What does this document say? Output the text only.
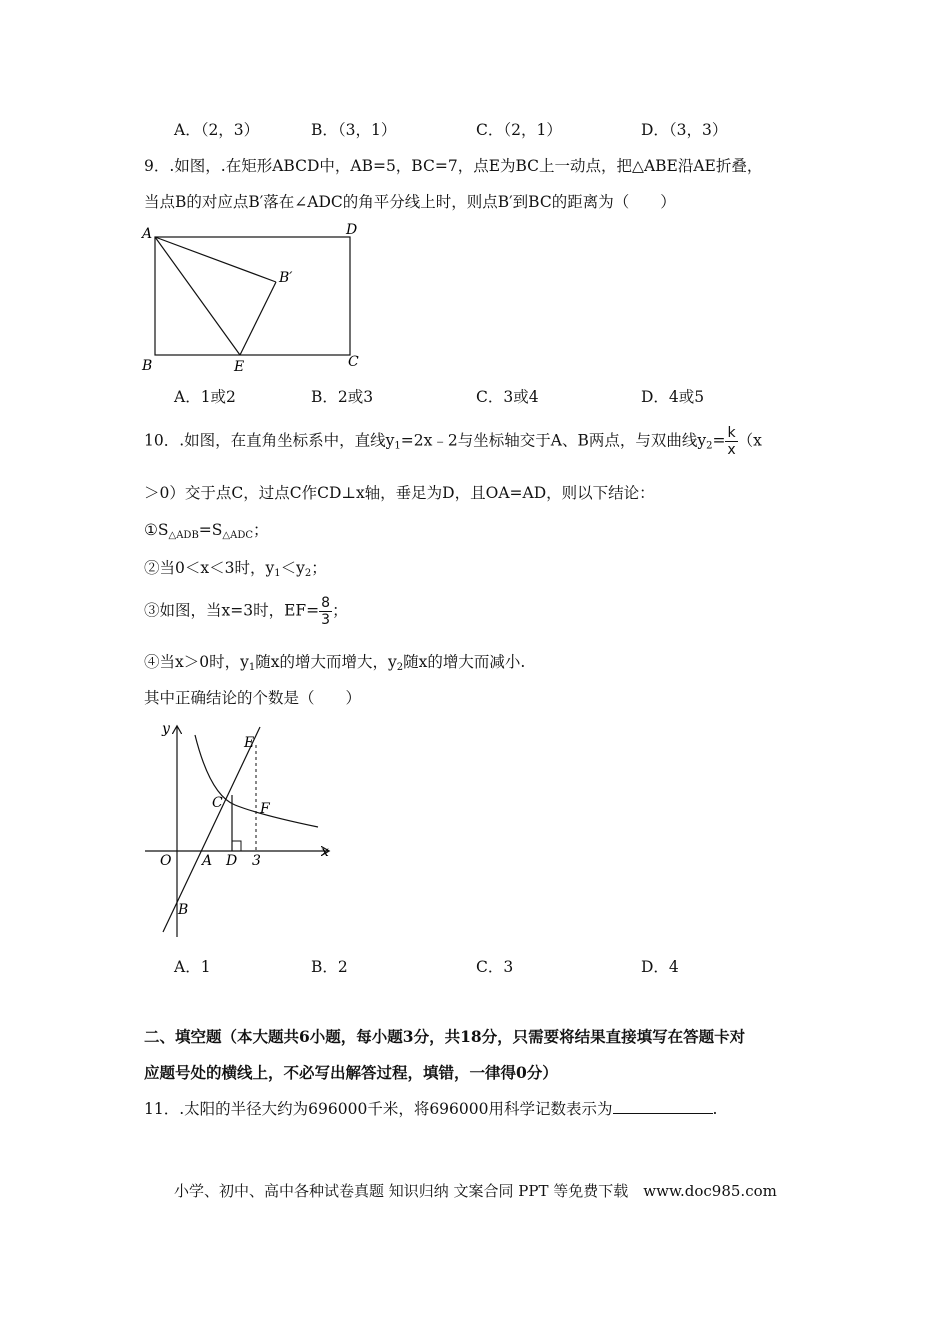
A．（2，3）	B．（3，1）	C．（2，1）	D．（3，3）
9．.如图，.在矩形ABCD中，AB=5，BC=7，点E为BC上一动点，把△ABE沿AE折叠，
当点B的对应点B′落在∠ADC的角平分线上时，则点B′到BC的距离为（　　）
A	D
B	C
E
B′
A．1或2	B．2或3	C．3或4	D．4或5
10．.如图，在直角坐标系中，直线$y_1=2x﹣2$与坐标轴交于A、B两点，与双曲线$y_2= \frac{k}{x} (x$
＞0）交于点C，过点C作CD⊥x轴，垂足为D，且OA=AD，则以下结论：
$①S_{\triangle ADB}=S_{\triangle ADC}$；
②当0＜x＜3时，$y_1<y_2$；
③如图，当x=3时，$EF= \frac{8}{3}$ ；
④当x＞0时，$y_1$随x的增大而增大，$y_2$随x的增大而减小.
其中正确结论的个数是（　　）
y
x
O A D 3
C
E
F
B
A．1	B．2	C．3	D．4
二、填空题（本大题共6小题，每小题3分，共18分，只需要将结果直接填写在答题卡对
应题号处的横线上，不必写出解答过程，填错，一律得0分）
11．.太阳的半径大约为696000千米，将696000用科学记数表示为	.
小学、初中、高中各种试卷真题 知识归纳 文案合同 PPT 等免费下载　www.doc985.com
